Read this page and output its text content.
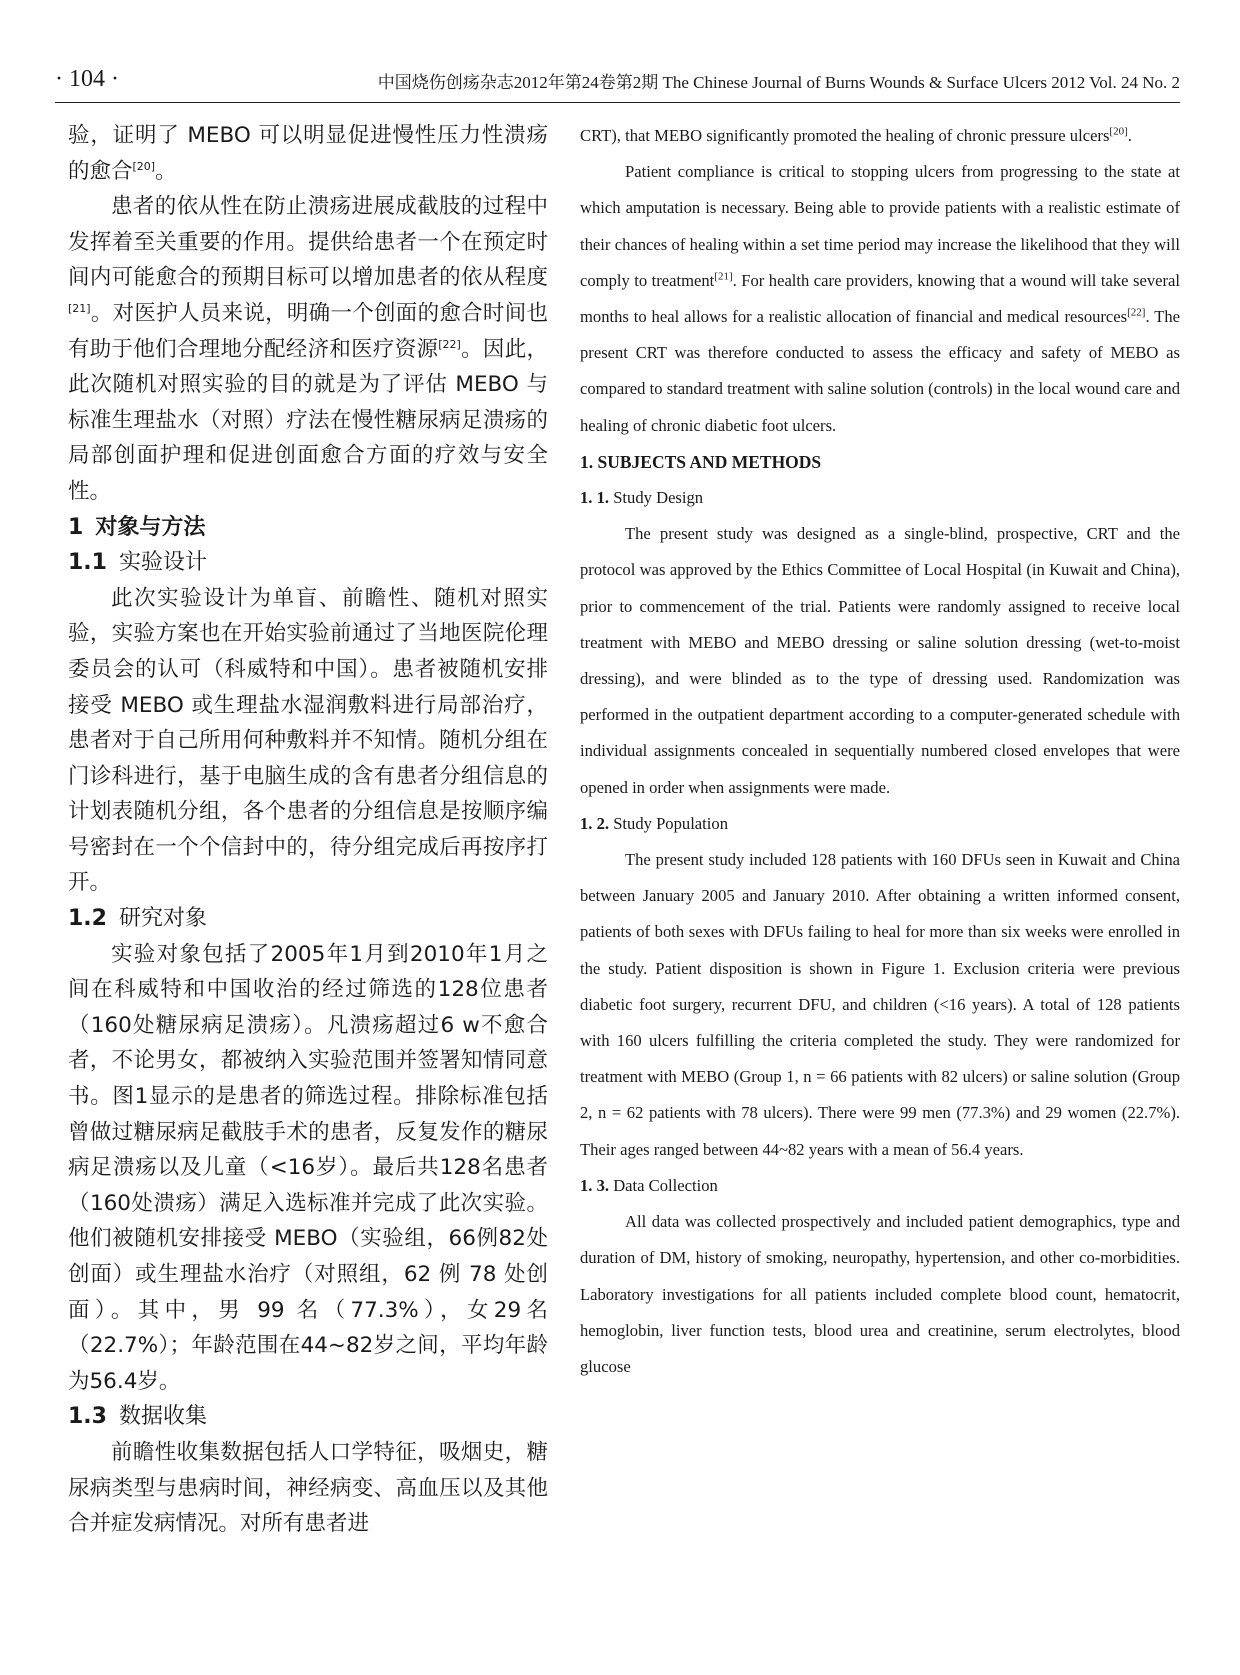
· 104 ·	中国烧伤创疡杂志2012年第24卷第2期 The Chinese Journal of Burns Wounds & Surface Ulcers 2012 Vol. 24 No. 2

验，证明了 MEBO 可以明显促进慢性压力性溃疡的愈合[20]。

患者的依从性在防止溃疡进展成截肢的过程中发挥着至关重要的作用。提供给患者一个在预定时间内可能愈合的预期目标可以增加患者的依从程度[21]。对医护人员来说，明确一个创面的愈合时间也有助于他们合理地分配经济和医疗资源[22]。因此，此次随机对照实验的目的就是为了评估 MEBO 与标准生理盐水（对照）疗法在慢性糖尿病足溃疡的局部创面护理和促进创面愈合方面的疗效与安全性。

1 对象与方法

1.1 实验设计

此次实验设计为单盲、前瞻性、随机对照实验，实验方案也在开始实验前通过了当地医院伦理委员会的认可（科威特和中国）。患者被随机安排接受 MEBO 或生理盐水湿润敷料进行局部治疗，患者对于自己所用何种敷料并不知情。随机分组在门诊科进行，基于电脑生成的含有患者分组信息的计划表随机分组，各个患者的分组信息是按顺序编号密封在一个个信封中的，待分组完成后再按序打开。

1.2 研究对象

实验对象包括了2005年1月到2010年1月之间在科威特和中国收治的经过筛选的128位患者（160处糖尿病足溃疡）。凡溃疡超过6 w不愈合者，不论男女，都被纳入实验范围并签署知情同意书。图1显示的是患者的筛选过程。排除标准包括曾做过糖尿病足截肢手术的患者，反复发作的糖尿病足溃疡以及儿童（<16岁）。最后共128名患者（160处溃疡）满足入选标准并完成了此次实验。他们被随机安排接受 MEBO（实验组，66例82处创面）或生理盐水治疗（对照组，62 例 78 处创面）。其中，男 99 名（77.3%），女29名（22.7%）；年龄范围在44~82岁之间，平均年龄为56.4岁。

1.3 数据收集

前瞻性收集数据包括人口学特征，吸烟史，糖尿病类型与患病时间，神经病变、高血压以及其他合并症发病情况。对所有患者进

CRT), that MEBO significantly promoted the healing of chronic pressure ulcers[20].

Patient compliance is critical to stopping ulcers from progressing to the state at which amputation is necessary. Being able to provide patients with a realistic estimate of their chances of healing within a set time period may increase the likelihood that they will comply to treatment[21]. For health care providers, knowing that a wound will take several months to heal allows for a realistic allocation of financial and medical resources[22]. The present CRT was therefore conducted to assess the efficacy and safety of MEBO as compared to standard treatment with saline solution (controls) in the local wound care and healing of chronic diabetic foot ulcers.

1. SUBJECTS AND METHODS

1. 1. Study Design

The present study was designed as a single-blind, prospective, CRT and the protocol was approved by the Ethics Committee of Local Hospital (in Kuwait and China), prior to commencement of the trial. Patients were randomly assigned to receive local treatment with MEBO and MEBO dressing or saline solution dressing (wet-to-moist dressing), and were blinded as to the type of dressing used. Randomization was performed in the outpatient department according to a computer-generated schedule with individual assignments concealed in sequentially numbered closed envelopes that were opened in order when assignments were made.

1. 2. Study Population

The present study included 128 patients with 160 DFUs seen in Kuwait and China between January 2005 and January 2010. After obtaining a written informed consent, patients of both sexes with DFUs failing to heal for more than six weeks were enrolled in the study. Patient disposition is shown in Figure 1. Exclusion criteria were previous diabetic foot surgery, recurrent DFU, and children (<16 years). A total of 128 patients with 160 ulcers fulfilling the criteria completed the study. They were randomized for treatment with MEBO (Group 1, n = 66 patients with 82 ulcers) or saline solution (Group 2, n = 62 patients with 78 ulcers). There were 99 men (77.3%) and 29 women (22.7%). Their ages ranged between 44~82 years with a mean of 56.4 years.

1. 3. Data Collection

All data was collected prospectively and included patient demographics, type and duration of DM, history of smoking, neuropathy, hypertension, and other co-morbidities. Laboratory investigations for all patients included complete blood count, hematocrit, hemoglobin, liver function tests, blood urea and creatinine, serum electrolytes, blood glucose
